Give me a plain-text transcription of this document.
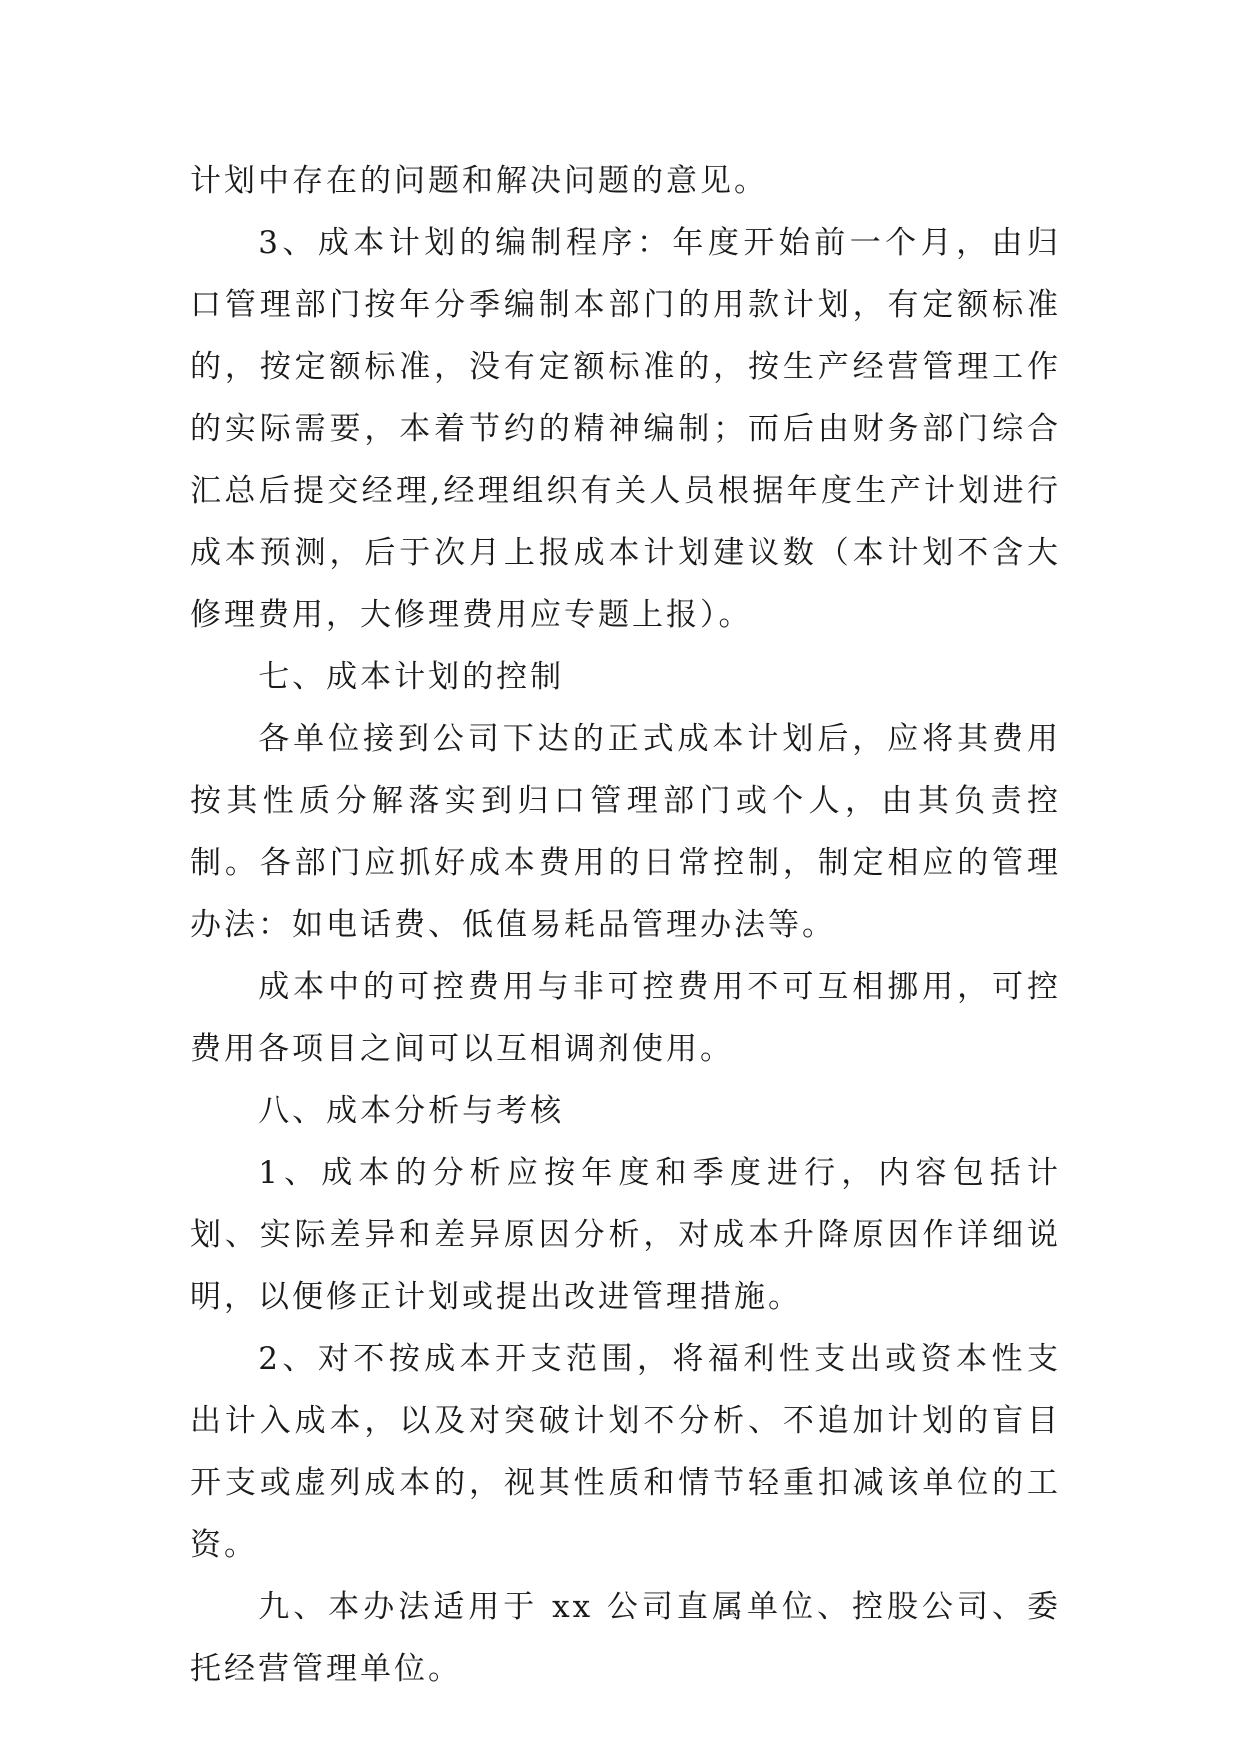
计划中存在的问题和解决问题的意见。

3、成本计划的编制程序：年度开始前一个月，由归口管理部门按年分季编制本部门的用款计划，有定额标准的，按定额标准，没有定额标准的，按生产经营管理工作的实际需要，本着节约的精神编制；而后由财务部门综合汇总后提交经理,经理组织有关人员根据年度生产计划进行成本预测，后于次月上报成本计划建议数（本计划不含大修理费用，大修理费用应专题上报）。

七、成本计划的控制

各单位接到公司下达的正式成本计划后，应将其费用按其性质分解落实到归口管理部门或个人，由其负责控制。各部门应抓好成本费用的日常控制，制定相应的管理办法：如电话费、低值易耗品管理办法等。

成本中的可控费用与非可控费用不可互相挪用，可控费用各项目之间可以互相调剂使用。

八、成本分析与考核

1、成本的分析应按年度和季度进行，内容包括计划、实际差异和差异原因分析，对成本升降原因作详细说明，以便修正计划或提出改进管理措施。

2、对不按成本开支范围，将福利性支出或资本性支出计入成本，以及对突破计划不分析、不追加计划的盲目开支或虚列成本的，视其性质和情节轻重扣减该单位的工资。

九、本办法适用于 xx 公司直属单位、控股公司、委托经营管理单位。
